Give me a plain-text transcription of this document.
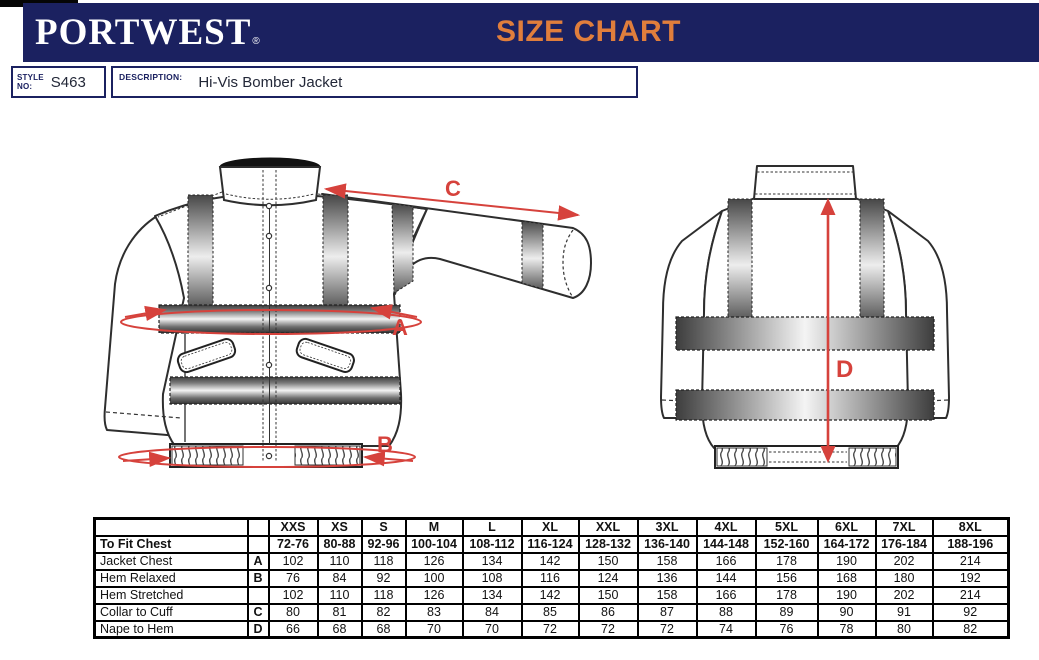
PORTWEST®	SIZE CHART
STYLE
NO:	S463	DESCRIPTION: Hi-Vis Bomber Jacket
A
B
C
D
		XXS	XS	S	M	L	XL	XXL	3XL	4XL	5XL	6XL	7XL	8XL
To Fit Chest		72-76	80-88	92-96	100-104	108-112	116-124	128-132	136-140	144-148	152-160	164-172	176-184	188-196
Jacket Chest	A	102	110	118	126	134	142	150	158	166	178	190	202	214
Hem Relaxed	B	76	84	92	100	108	116	124	136	144	156	168	180	192
Hem Stretched		102	110	118	126	134	142	150	158	166	178	190	202	214
Collar to Cuff	C	80	81	82	83	84	85	86	87	88	89	90	91	92
Nape to Hem	D	66	68	68	70	70	72	72	72	74	76	78	80	82
